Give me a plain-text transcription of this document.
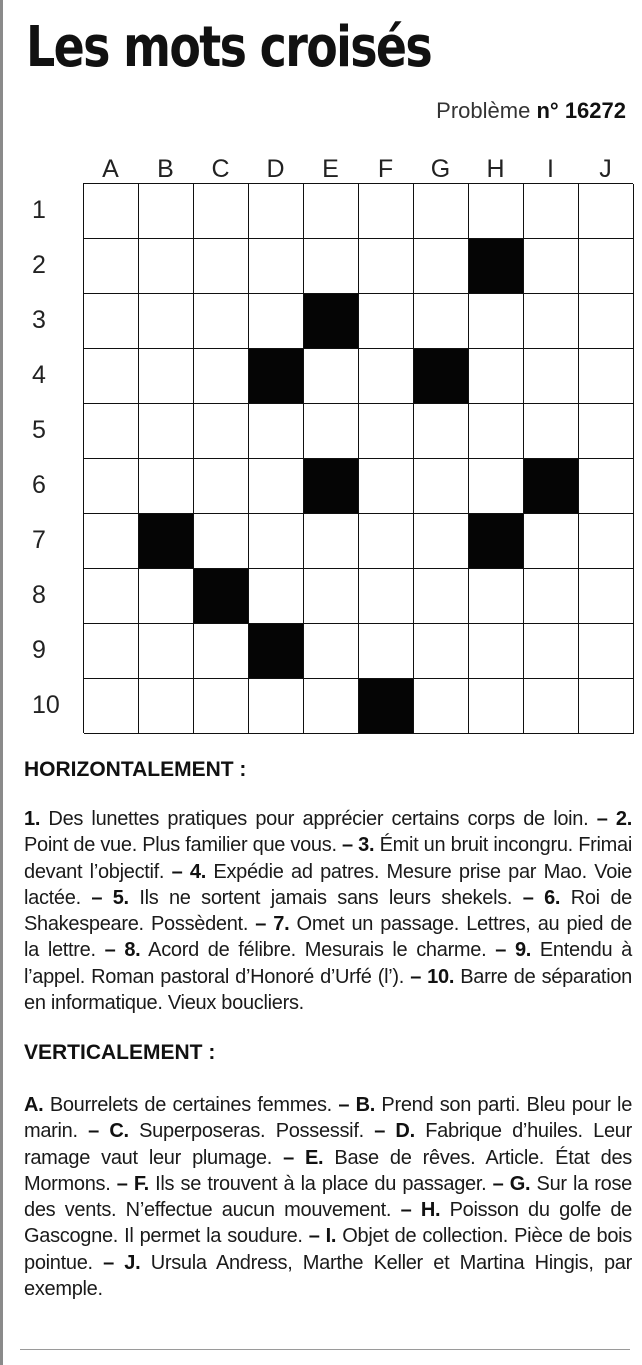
Les mots croisés
Problème n° 16272
A	B	C	D	E	F	G	H	I	J
1
2
3
4
5
6
7
8
9
10
HORIZONTALEMENT :

1. Des lunettes pratiques pour apprécier certains corps de loin. – 2. Point de vue. Plus familier que vous. – 3. Émit un bruit incongru. Frimai devant l’objectif. – 4. Expédie ad patres. Mesure prise par Mao. Voie lactée. – 5. Ils ne sortent jamais sans leurs shekels. – 6. Roi de Shakespeare. Possèdent. – 7. Omet un passage. Lettres, au pied de la lettre. – 8. Acord de félibre. Mesurais le charme. – 9. Entendu à l’appel. Roman pastoral d’Honoré d’Urfé (l’). – 10. Barre de séparation en informatique. Vieux boucliers.

VERTICALEMENT :

A. Bourrelets de certaines femmes. – B. Prend son parti. Bleu pour le marin. – C. Superposeras. Possessif. – D. Fabrique d’huiles. Leur ramage vaut leur plumage. – E. Base de rêves. Article. État des Mormons. – F. Ils se trouvent à la place du passager. – G. Sur la rose des vents. N’effectue aucun mouvement. – H. Poisson du golfe de Gascogne. Il permet la soudure. – I. Objet de collection. Pièce de bois pointue. – J. Ursula Andress, Marthe Keller et Martina Hingis, par exemple.
